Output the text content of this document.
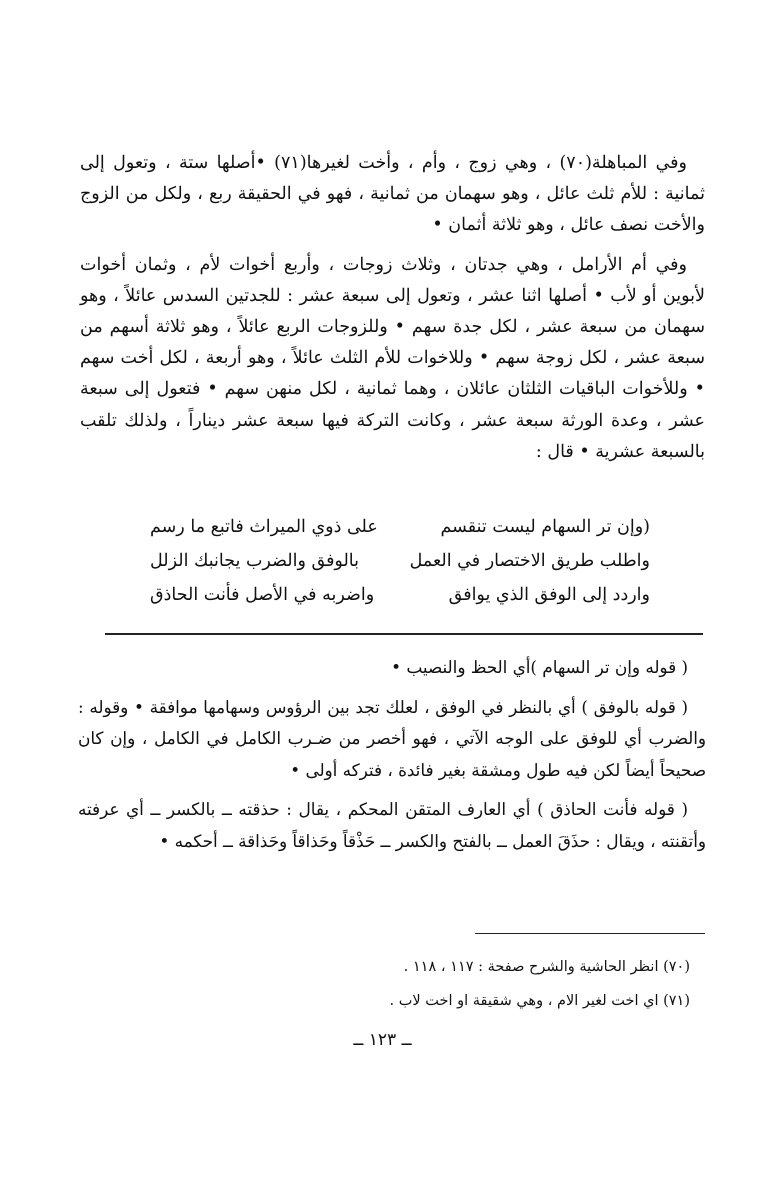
وفي المباهلة(٧٠) ، وهي زوج ، وأم ، وأخت لغيرها(٧١) •أصلها ستة ، وتعول إلى ثمانية : للأم ثلث عائل ، وهو سهمان من ثمانية ، فهو في الحقيقة ربع ، ولكل من الزوج والأخت نصف عائل ، وهو ثلاثة أثمان •

وفي أم الأرامل ، وهي جدتان ، وثلاث زوجات ، وأربع أخوات لأم ، وثمان أخوات لأبوين أو لأب • أصلها اثنا عشر ، وتعول إلى سبعة عشر : للجدتين السدس عائلاً ، وهو سهمان من سبعة عشر ، لكل جدة سهم • وللزوجات الربع عائلاً ، وهو ثلاثة أسهم من سبعة عشر ، لكل زوجة سهم • وللاخوات للأم الثلث عائلاً ، وهو أربعة ، لكل أخت سهم • وللأخوات الباقيات الثلثان عائلان ، وهما ثمانية ، لكل منهن سهم • فتعول إلى سبعة عشر ، وعدة الورثة سبعة عشر ، وكانت التركة فيها سبعة عشر ديناراً ، ولذلك تلقب بالسبعة عشرية • قال :

(وإن تر السهام ليست تنقسم
على ذوي الميراث فاتبع ما رسم
واطلب طريق الاختصار في العمل
بالوفق والضرب يجانبك الزلل
واردد إلى الوفق الذي يوافق
واضربه في الأصل فأنت الحاذق

( قوله وإن تر السهام )أي الحظ والنصيب •

( قوله بالوفق ) أي بالنظر في الوفق ، لعلك تجد بين الرؤوس وسهامها موافقة • وقوله : والضرب أي للوفق على الوجه الآتي ، فهو أخصر من ضـرب الكامل في الكامل ، وإن كان صحيحاً أيضاً لكن فيه طول ومشقة بغير فائدة ، فتركه أولى •

( قوله فأنت الحاذق ) أي العارف المتقن المحكم ، يقال : حذقته ــ بالكسر ــ أي عرفته وأتقنته ، ويقال : حذَقَ العمل ــ بالفتح والكسر ــ حَذْقاً وحَذاقاً وحَذاقة ــ أحكمه •

(٧٠) انظر الحاشية والشرح صفحة : ١١٧ ، ١١٨ .
(٧١) اي اخت لغير الام ، وهي شقيقة او اخت لاب .
ــ ١٢٣ ــ
